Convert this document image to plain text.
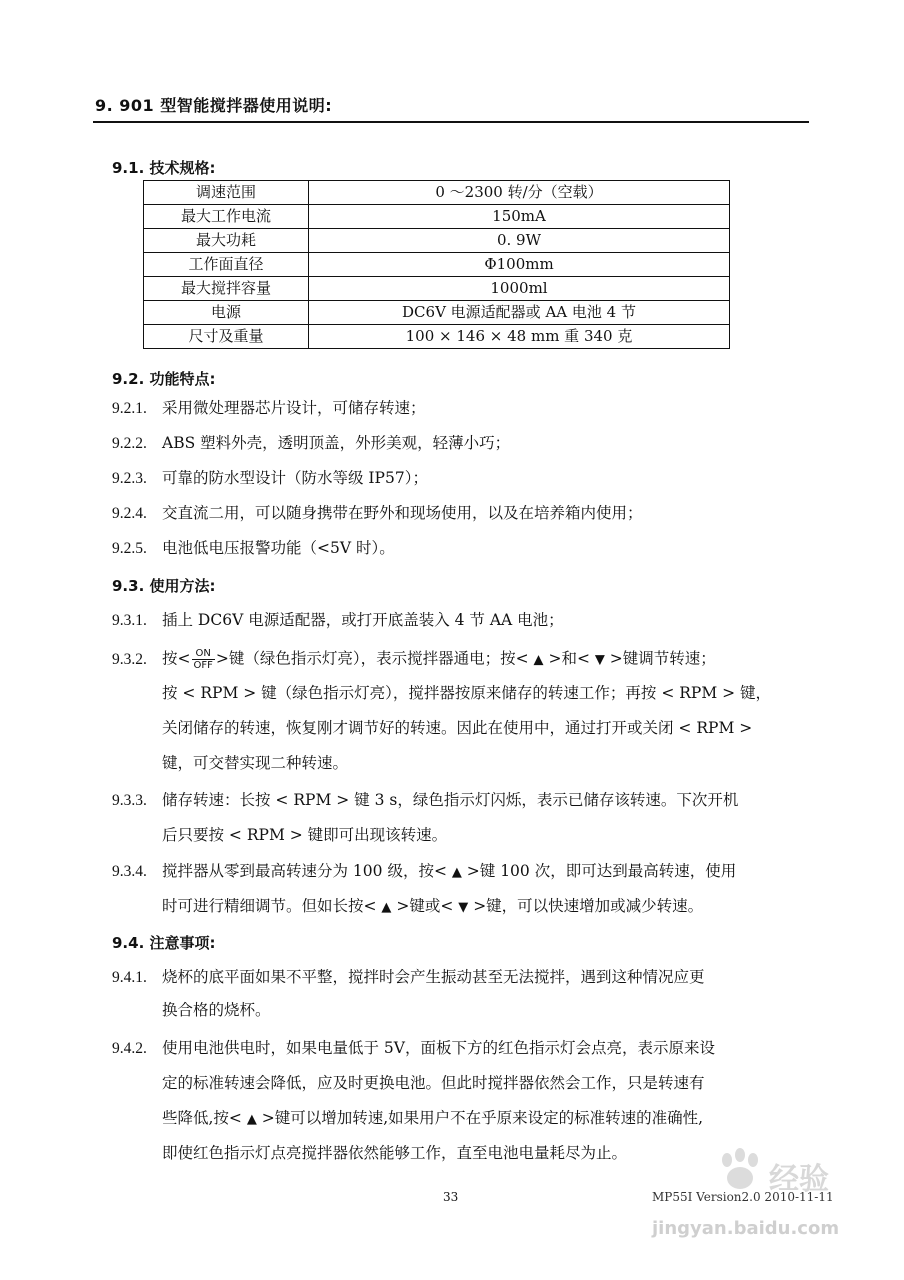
9. 901 型智能搅拌器使用说明:
9.1. 技术规格:
调速范围	0 ～2300 转/分（空载）
最大工作电流	150mA
最大功耗	0. 9W
工作面直径	Φ100mm
最大搅拌容量	1000ml
电源	DC6V 电源适配器或 AA 电池 4 节
尺寸及重量	100 × 146 × 48 mm 重 340 克
9.2. 功能特点:
9.2.1. 采用微处理器芯片设计，可储存转速；
9.2.2. ABS 塑料外壳，透明顶盖，外形美观，轻薄小巧；
9.2.3. 可靠的防水型设计（防水等级 IP57）；
9.2.4. 交直流二用，可以随身携带在野外和现场使用，以及在培养箱内使用；
9.2.5. 电池低电压报警功能（<5V 时）。
9.3. 使用方法:
9.3.1. 插上 DC6V 电源适配器，或打开底盖装入 4 节 AA 电池；
9.3.2. 按< $\frac{ON}{\text{OFF}}$ >键（绿色指示灯亮），表示搅拌器通电；按< ▲ >和< ▼ >键调节转速；
按 < RPM > 键（绿色指示灯亮），搅拌器按原来储存的转速工作；再按 < RPM > 键，
关闭储存的转速，恢复刚才调节好的转速。因此在使用中，通过打开或关闭 < RPM >
键，可交替实现二种转速。
9.3.3. 储存转速：长按 < RPM > 键 3 s，绿色指示灯闪烁，表示已储存该转速。下次开机
后只要按 < RPM > 键即可出现该转速。
9.3.4. 搅拌器从零到最高转速分为 100 级，按< ▲ >键 100 次，即可达到最高转速，使用
时可进行精细调节。但如长按< ▲ >键或< ▼ >键，可以快速增加或减少转速。
9.4. 注意事项:
9.4.1. 烧杯的底平面如果不平整，搅拌时会产生振动甚至无法搅拌，遇到这种情况应更
换合格的烧杯。
9.4.2. 使用电池供电时，如果电量低于 5V，面板下方的红色指示灯会点亮，表示原来设
定的标准转速会降低，应及时更换电池。但此时搅拌器依然会工作，只是转速有
些降低,按< ▲ >键可以增加转速,如果用户不在乎原来设定的标准转速的准确性,
即使红色指示灯点亮搅拌器依然能够工作，直至电池电量耗尽为止。
33	MP55I Version2.0 2010-11-11
经验
jingyan.baidu.com
